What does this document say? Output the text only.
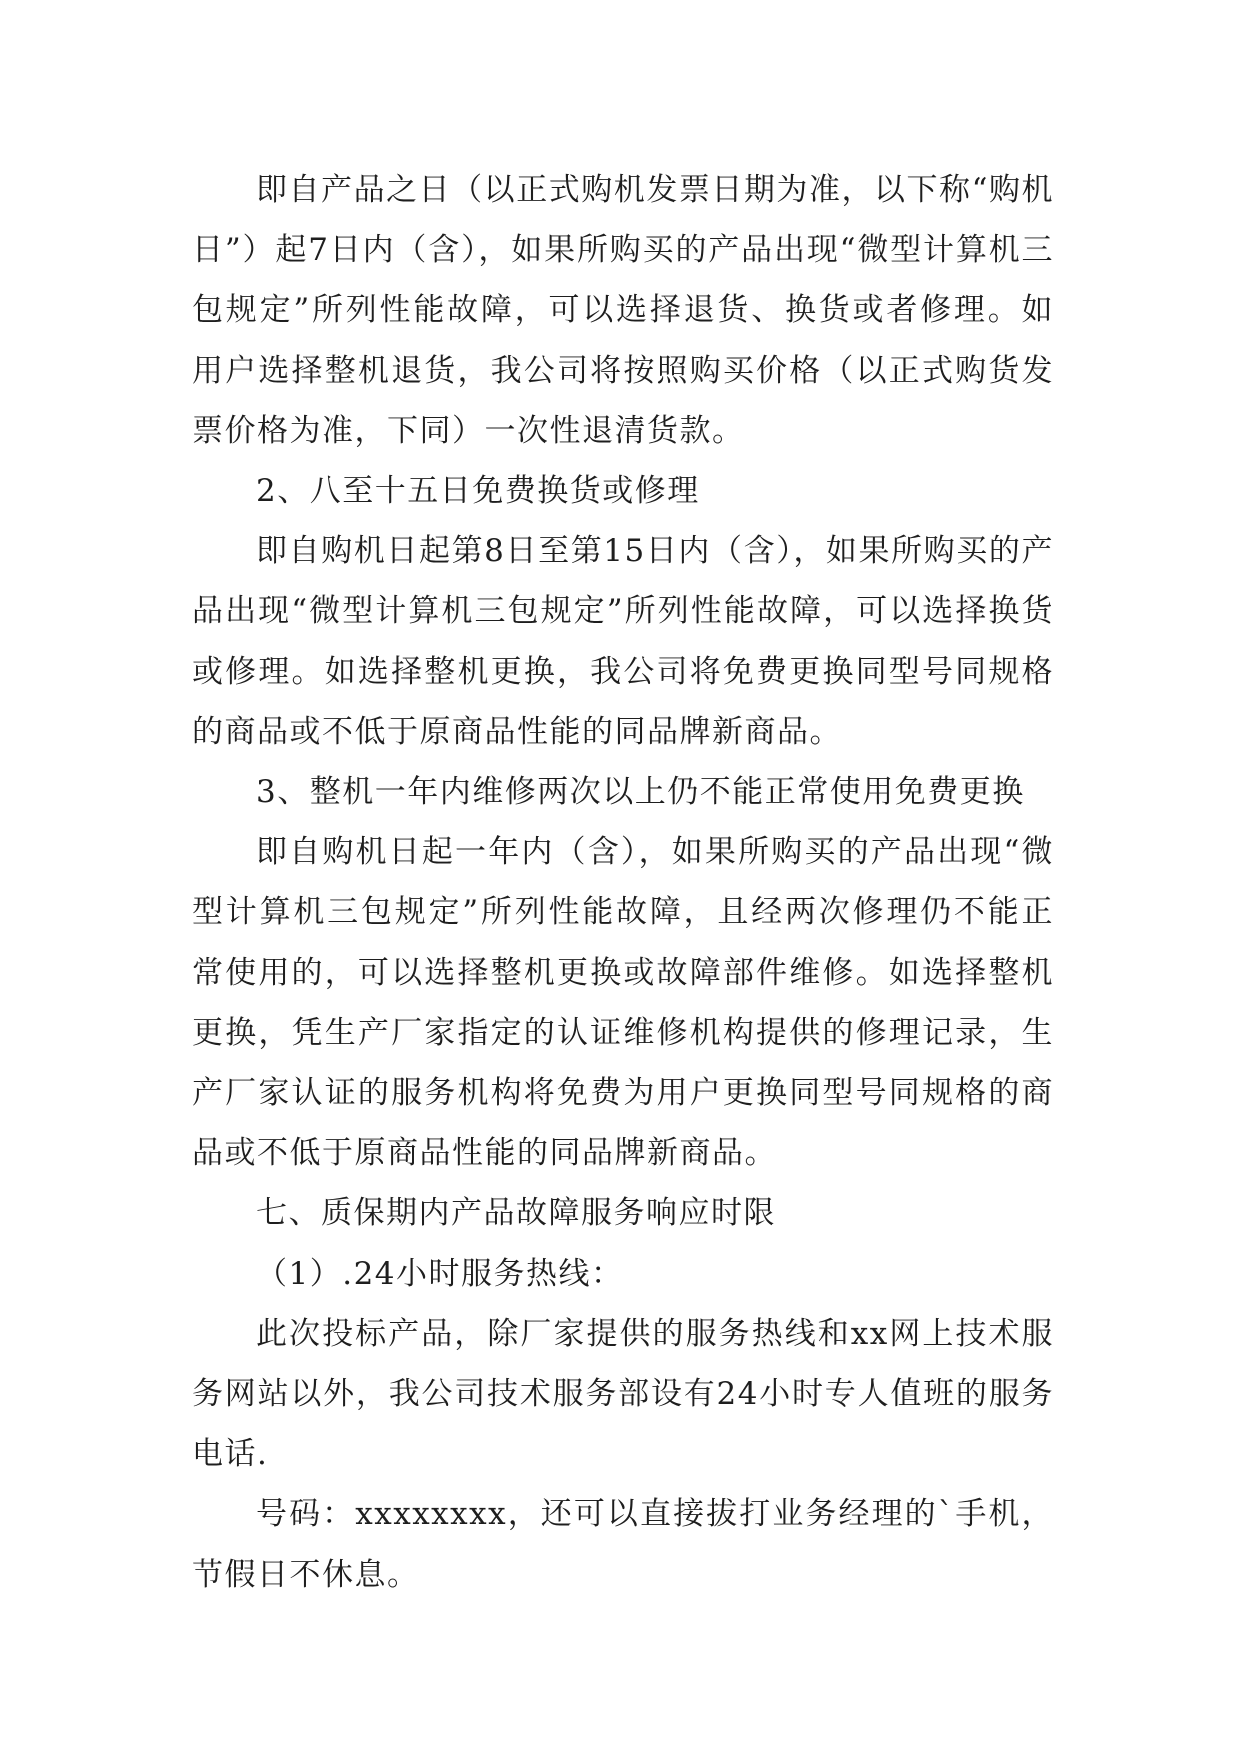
即自产品之日（以正式购机发票日期为准，以下称“购机日”）起7日内（含），如果所购买的产品出现“微型计算机三包规定”所列性能故障，可以选择退货、换货或者修理。如用户选择整机退货，我公司将按照购买价格（以正式购货发票价格为准，下同）一次性退清货款。

2、八至十五日免费换货或修理

即自购机日起第8日至第15日内（含），如果所购买的产品出现“微型计算机三包规定”所列性能故障，可以选择换货或修理。如选择整机更换，我公司将免费更换同型号同规格的商品或不低于原商品性能的同品牌新商品。

3、整机一年内维修两次以上仍不能正常使用免费更换

即自购机日起一年内（含），如果所购买的产品出现“微型计算机三包规定”所列性能故障，且经两次修理仍不能正常使用的，可以选择整机更换或故障部件维修。如选择整机更换，凭生产厂家指定的认证维修机构提供的修理记录，生产厂家认证的服务机构将免费为用户更换同型号同规格的商品或不低于原商品性能的同品牌新商品。

七、质保期内产品故障服务响应时限

（1）.24小时服务热线：

此次投标产品，除厂家提供的服务热线和xx网上技术服务网站以外，我公司技术服务部设有24小时专人值班的服务电话.

号码：xxxxxxxx，还可以直接拔打业务经理的`手机，节假日不休息。
